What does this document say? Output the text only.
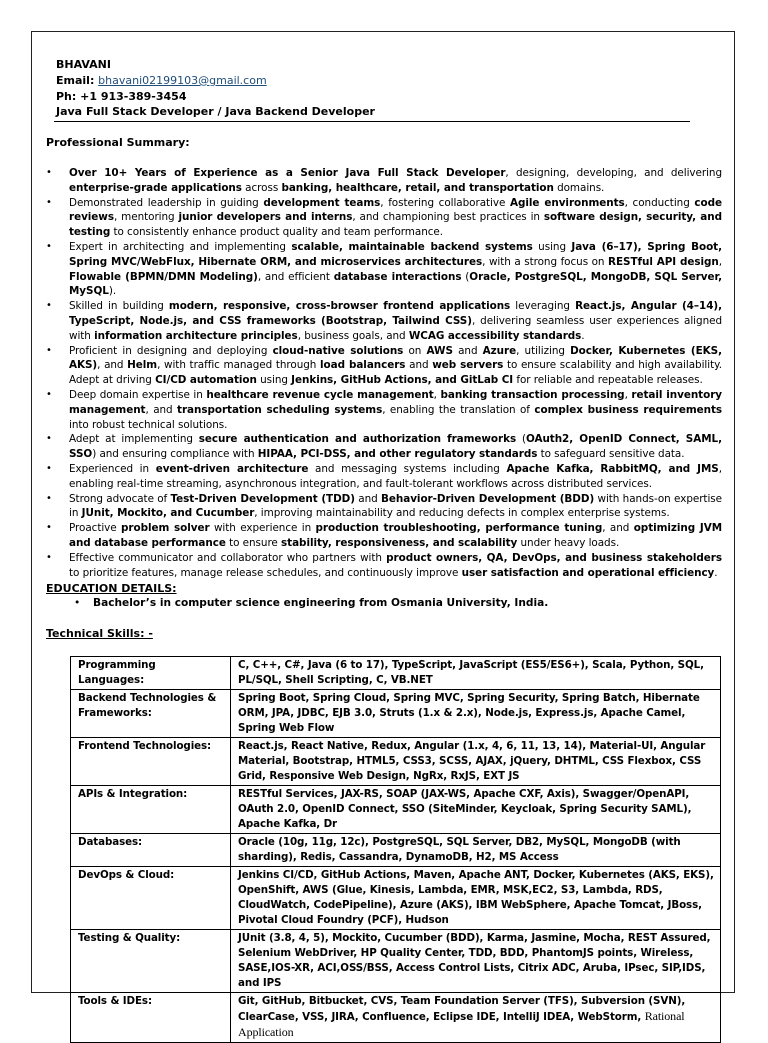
BHAVANI
Email: bhavani02199103@gmail.com
Ph: +1 913-389-3454
Java Full Stack Developer / Java Backend Developer
Professional Summary:
• Over 10+ Years of Experience as a Senior Java Full Stack Developer, designing, developing, and delivering enterprise-grade applications across banking, healthcare, retail, and transportation domains.
• Demonstrated leadership in guiding development teams, fostering collaborative Agile environments, conducting code reviews, mentoring junior developers and interns, and championing best practices in software design, security, and testing to consistently enhance product quality and team performance.
• Expert in architecting and implementing scalable, maintainable backend systems using Java (6–17), Spring Boot, Spring MVC/WebFlux, Hibernate ORM, and microservices architectures, with a strong focus on RESTful API design, Flowable (BPMN/DMN Modeling), and efficient database interactions (Oracle, PostgreSQL, MongoDB, SQL Server, MySQL).
• Skilled in building modern, responsive, cross-browser frontend applications leveraging React.js, Angular (4–14), TypeScript, Node.js, and CSS frameworks (Bootstrap, Tailwind CSS), delivering seamless user experiences aligned with information architecture principles, business goals, and WCAG accessibility standards.
• Proficient in designing and deploying cloud-native solutions on AWS and Azure, utilizing Docker, Kubernetes (EKS, AKS), and Helm, with traffic managed through load balancers and web servers to ensure scalability and high availability. Adept at driving CI/CD automation using Jenkins, GitHub Actions, and GitLab CI for reliable and repeatable releases.
• Deep domain expertise in healthcare revenue cycle management, banking transaction processing, retail inventory management, and transportation scheduling systems, enabling the translation of complex business requirements into robust technical solutions.
• Adept at implementing secure authentication and authorization frameworks (OAuth2, OpenID Connect, SAML, SSO) and ensuring compliance with HIPAA, PCI-DSS, and other regulatory standards to safeguard sensitive data.
• Experienced in event-driven architecture and messaging systems including Apache Kafka, RabbitMQ, and JMS, enabling real-time streaming, asynchronous integration, and fault-tolerant workflows across distributed services.
• Strong advocate of Test-Driven Development (TDD) and Behavior-Driven Development (BDD) with hands-on expertise in JUnit, Mockito, and Cucumber, improving maintainability and reducing defects in complex enterprise systems.
• Proactive problem solver with experience in production troubleshooting, performance tuning, and optimizing JVM and database performance to ensure stability, responsiveness, and scalability under heavy loads.
• Effective communicator and collaborator who partners with product owners, QA, DevOps, and business stakeholders to prioritize features, manage release schedules, and continuously improve user satisfaction and operational efficiency.
EDUCATION DETAILS:
• Bachelor’s in computer science engineering from Osmania University, India.
Technical Skills: -
Programming Languages:	C, C++, C#, Java (6 to 17), TypeScript, JavaScript (ES5/ES6+), Scala, Python, SQL, PL/SQL, Shell Scripting, C, VB.NET
Backend Technologies & Frameworks:	Spring Boot, Spring Cloud, Spring MVC, Spring Security, Spring Batch, Hibernate ORM, JPA, JDBC, EJB 3.0, Struts (1.x & 2.x), Node.js, Express.js, Apache Camel, Spring Web Flow
Frontend Technologies:	React.js, React Native, Redux, Angular (1.x, 4, 6, 11, 13, 14), Material-UI, Angular Material, Bootstrap, HTML5, CSS3, SCSS, AJAX, jQuery, DHTML, CSS Flexbox, CSS Grid, Responsive Web Design, NgRx, RxJS, EXT JS
APIs & Integration:	RESTful Services, JAX-RS, SOAP (JAX-WS, Apache CXF, Axis), Swagger/OpenAPI, OAuth 2.0, OpenID Connect, SSO (SiteMinder, Keycloak, Spring Security SAML), Apache Kafka, Dr
Databases:	Oracle (10g, 11g, 12c), PostgreSQL, SQL Server, DB2, MySQL, MongoDB (with sharding), Redis, Cassandra, DynamoDB, H2, MS Access
DevOps & Cloud:	Jenkins CI/CD, GitHub Actions, Maven, Apache ANT, Docker, Kubernetes (AKS, EKS), OpenShift, AWS (Glue, Kinesis, Lambda, EMR, MSK,EC2, S3, Lambda, RDS, CloudWatch, CodePipeline), Azure (AKS), IBM WebSphere, Apache Tomcat, JBoss, Pivotal Cloud Foundry (PCF), Hudson
Testing & Quality:	JUnit (3.8, 4, 5), Mockito, Cucumber (BDD), Karma, Jasmine, Mocha, REST Assured, Selenium WebDriver, HP Quality Center, TDD, BDD, PhantomJS points, Wireless, SASE,IOS-XR, ACI,OSS/BSS, Access Control Lists, Citrix ADC, Aruba, IPsec, SIP,IDS, and IPS
Tools & IDEs:	Git, GitHub, Bitbucket, CVS, Team Foundation Server (TFS), Subversion (SVN), ClearCase, VSS, JIRA, Confluence, Eclipse IDE, IntelliJ IDEA, WebStorm, Rational Application
